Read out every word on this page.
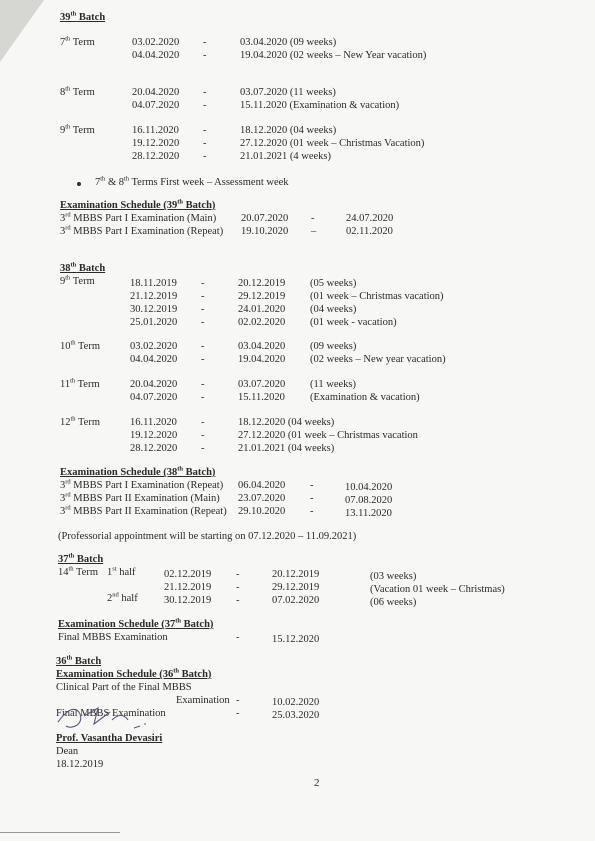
39th Batch
7th Term	03.02.2020 -	03.04.2020 (09 weeks)
04.04.2020 -	19.04.2020 (02 weeks – New Year vacation)
8th Term	20.04.2020 -	03.07.2020 (11 weeks)
04.07.2020 -	15.11.2020 (Examination & vacation)
9th Term	16.11.2020 -	18.12.2020 (04 weeks)
19.12.2020 -	27.12.2020 (01 week – Christmas Vacation)
28.12.2020 -	21.01.2021 (4 weeks)
7th & 8th Terms First week – Assessment week
Examination Schedule (39th Batch)
3rd MBBS Part I Examination (Main) 20.07.2020 -	24.07.2020
3rd MBBS Part I Examination (Repeat) 19.10.2020 –	02.11.2020
38th Batch
9th Term	18.11.2019 -	20.12.2019 (05 weeks)
21.12.2019 -	29.12.2019 (01 week – Christmas vacation)
30.12.2019 -	24.01.2020 (04 weeks)
25.01.2020 -	02.02.2020 (01 week - vacation)
10th Term	03.02.2020 -	03.04.2020 (09 weeks)
04.04.2020 -	19.04.2020 (02 weeks – New year vacation)
11th Term	20.04.2020 -	03.07.2020 (11 weeks)
04.07.2020 -	15.11.2020 (Examination & vacation)
12th Term	16.11.2020 -	18.12.2020 (04 weeks)
19.12.2020 -	27.12.2020 (01 week – Christmas vacation
28.12.2020 -	21.01.2021 (04 weeks)
Examination Schedule (38th Batch)
3rd MBBS Part I Examination (Repeat) 06.04.2020 -	10.04.2020
3rd MBBS Part II Examination (Main) 23.07.2020 -	07.08.2020
3rd MBBS Part II Examination (Repeat) 29.10.2020 -	13.11.2020
(Professorial appointment will be starting on 07.12.2020 – 11.09.2021)
37th Batch
14th Term 1st half	02.12.2019 -	20.12.2019	(03 weeks)
21.12.2019 -	29.12.2019	(Vacation 01 week – Christmas)
2nd half	30.12.2019 -	07.02.2020	(06 weeks)
Examination Schedule (37th Batch)
Final MBBS Examination	-	15.12.2020
36th Batch
Examination Schedule (36th Batch)
Clinical Part of the Final MBBS
Examination -	10.02.2020
Final MBBS Examination	-	25.03.2020
Prof. Vasantha Devasiri
Dean
18.12.2019
2
